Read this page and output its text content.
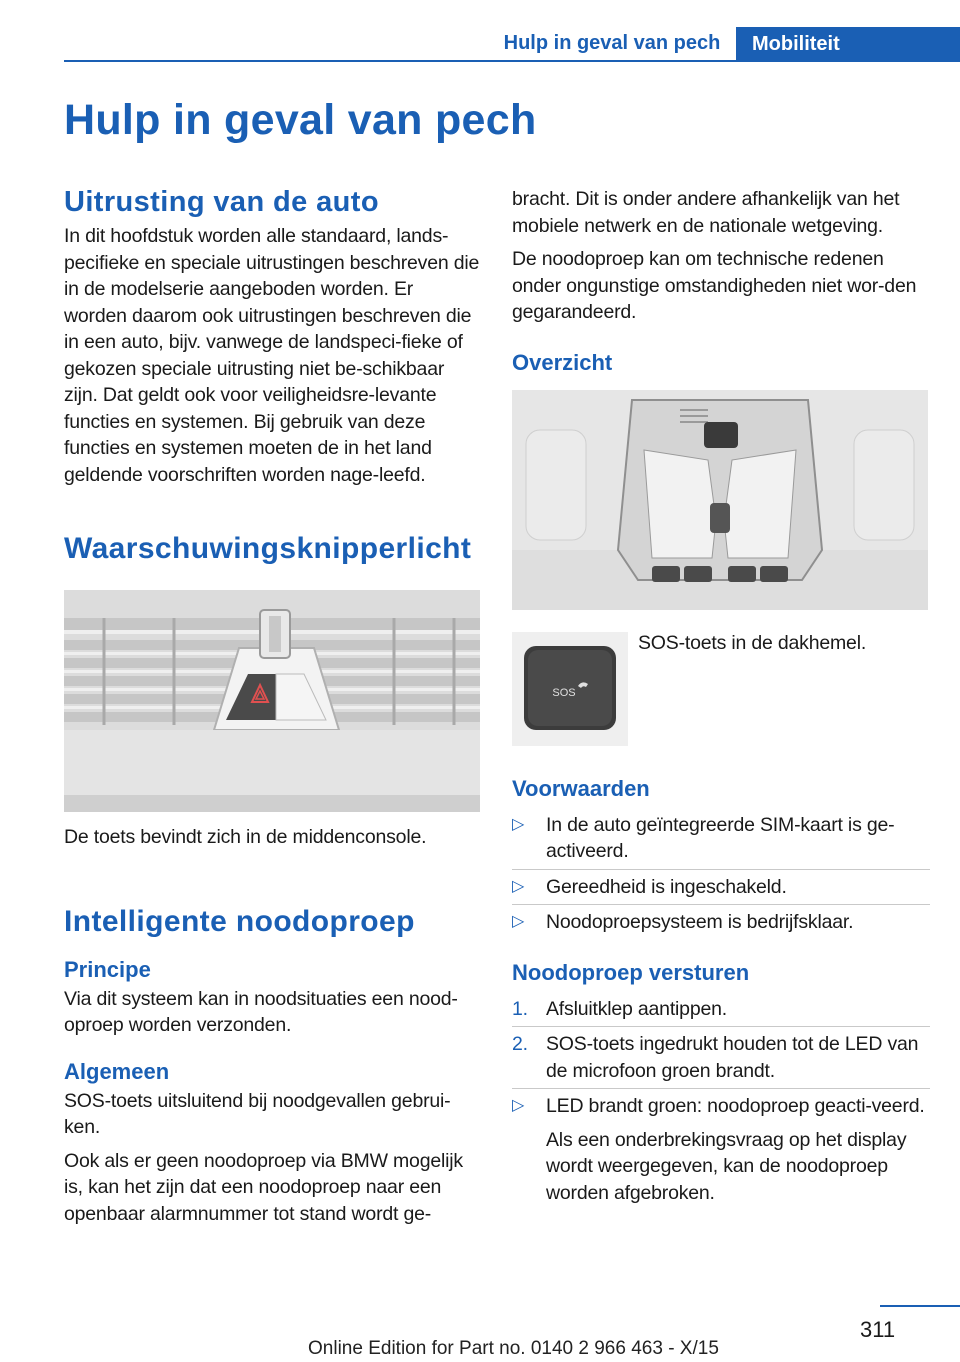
Hulp in geval van pech	Mobiliteit
Hulp in geval van pech
Uitrusting van de auto

In dit hoofdstuk worden alle standaard, lands-pecifieke en speciale uitrustingen beschreven die in de modelserie aangeboden worden. Er worden daarom ook uitrustingen beschreven die in een auto, bijv. vanwege de landspeci-fieke of gekozen speciale uitrusting niet be-schikbaar zijn. Dat geldt ook voor veiligheidsre-levante functies en systemen. Bij gebruik van deze functies en systemen moeten de in het land geldende voorschriften worden nage-leefd.

Waarschuwingsknipperlicht

De toets bevindt zich in de middenconsole.

Intelligente noodoproep
Principe

Via dit systeem kan in noodsituaties een nood-oproep worden verzonden.

Algemeen

SOS-toets uitsluitend bij noodgevallen gebrui-ken.

Ook als er geen noodoproep via BMW mogelijk is, kan het zijn dat een noodoproep naar een openbaar alarmnummer tot stand wordt ge-

bracht. Dit is onder andere afhankelijk van het mobiele netwerk en de nationale wetgeving.

De noodoproep kan om technische redenen onder ongunstige omstandigheden niet wor-den gegarandeerd.

Overzicht
SOS

SOS-toets in de dakhemel.

Voorwaarden
▷	In de auto geïntegreerde SIM-kaart is ge-activeerd.
▷	Gereedheid is ingeschakeld.
▷	Noodoproepsysteem is bedrijfsklaar.
Noodoproep versturen
1. Afsluitklep aantippen.
2. SOS-toets ingedrukt houden tot de LED van de microfoon groen brandt.
▷	LED brandt groen: noodoproep geacti-veerd.
Als een onderbrekingsvraag op het display wordt weergegeven, kan de noodoproep worden afgebroken.
311
Online Edition for Part no. 0140 2 966 463 - X/15
